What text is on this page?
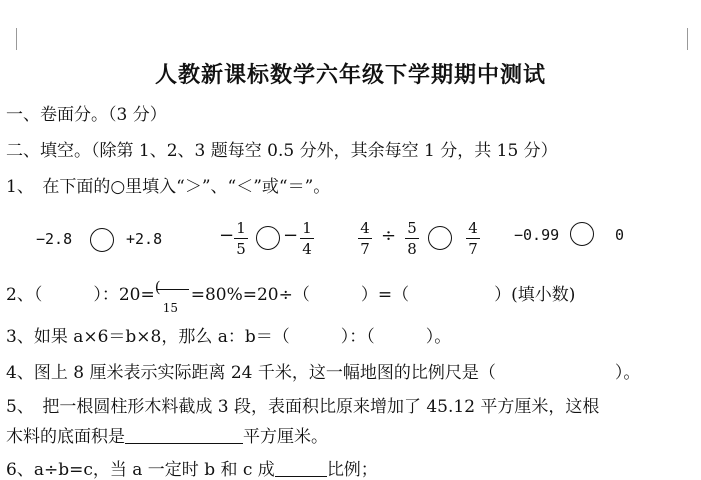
人教新课标数学六年级下学期期中测试
一、卷面分。（3 分）
二、填空。（除第 1、2、3 题每空 0.5 分外，其余每空 1 分，共 15 分）
1、　在下面的○里填入“＞”、“＜”或“＝”。
−2.8	+2.8	− 1
5
− 1
4
4
7
÷ 5
8
4
7
−0.99	0
2、（　　　）：20= (
15
=80%=20÷（　　　）=（　　　　　）(填小数)
3、如果 a×6＝b×8，那么 a：b＝（　　　）：（　　　）。
4、图上 8 厘米表示实际距离 24 千米，这一幅地图的比例尺是（　　　　　　　）。
5、　把一根圆柱形木料截成 3 段，表面积比原来增加了 45.12 平方厘米，这根
木料的底面积是	平方厘米。
6、a÷b=c，当 a 一定时 b 和 c 成	比例；
